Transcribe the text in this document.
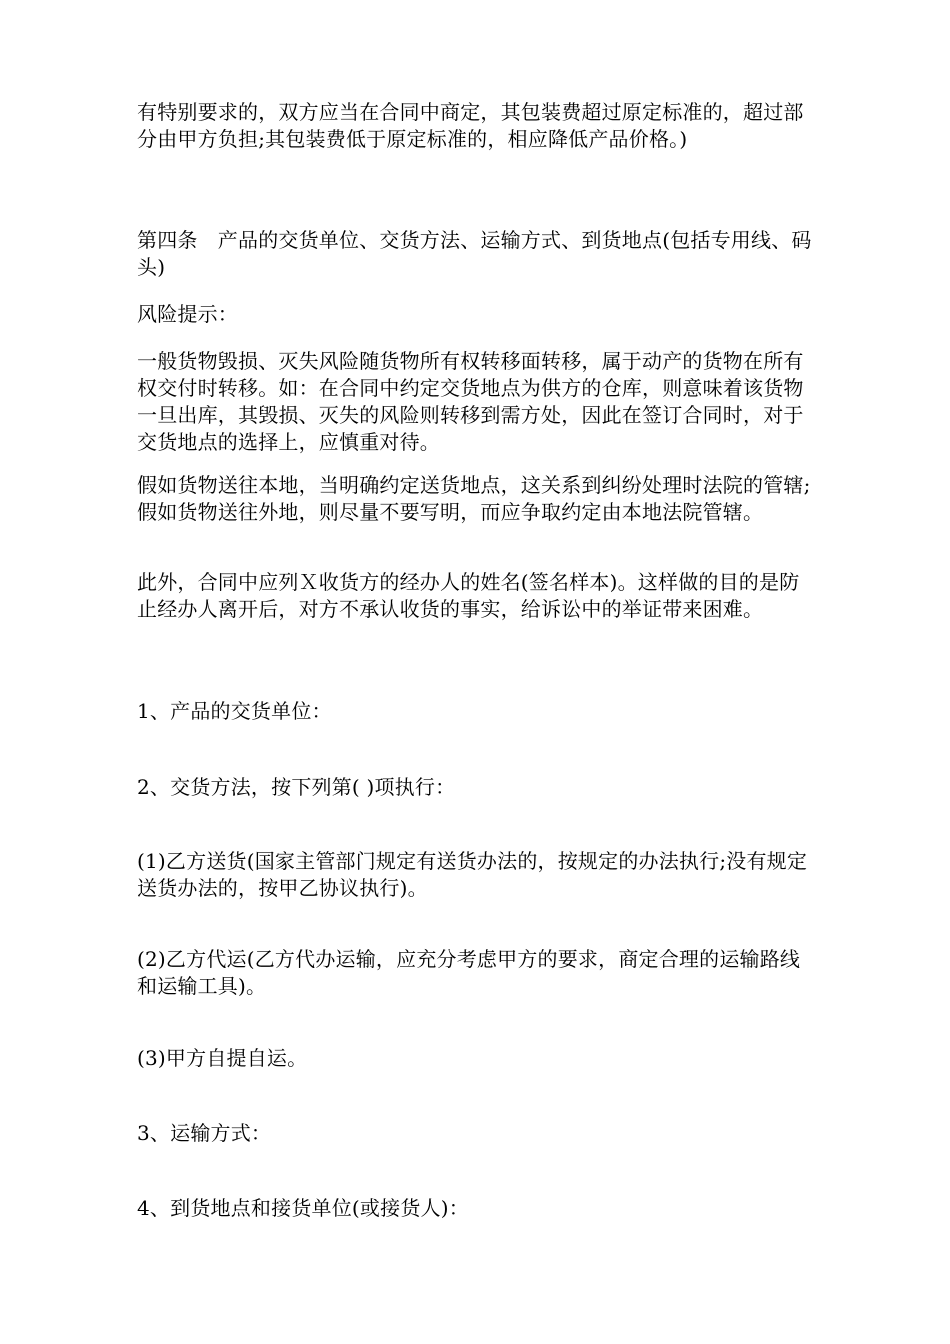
有特别要求的，双方应当在合同中商定，其包装费超过原定标准的，超过部分由甲方负担;其包装费低于原定标准的，相应降低产品价格。)

第四条　产品的交货单位、交货方法、运输方式、到货地点(包括专用线、码头)

风险提示：

一般货物毁损、灭失风险随货物所有权转移面转移，属于动产的货物在所有权交付时转移。如：在合同中约定交货地点为供方的仓库，则意味着该货物一旦出库，其毁损、灭失的风险则转移到需方处，因此在签订合同时，对于交货地点的选择上，应慎重对待。

假如货物送往本地，当明确约定送货地点，这关系到纠纷处理时法院的管辖;假如货物送往外地，则尽量不要写明，而应争取约定由本地法院管辖。

此外，合同中应列Ｘ收货方的经办人的姓名(签名样本)。这样做的目的是防止经办人离开后，对方不承认收货的事实，给诉讼中的举证带来困难。

1、产品的交货单位：

2、交货方法，按下列第( )项执行：

(1)乙方送货(国家主管部门规定有送货办法的，按规定的办法执行;没有规定送货办法的，按甲乙协议执行)。

(2)乙方代运(乙方代办运输，应充分考虑甲方的要求，商定合理的运输路线和运输工具)。

(3)甲方自提自运。

3、运输方式：

4、到货地点和接货单位(或接货人)：
